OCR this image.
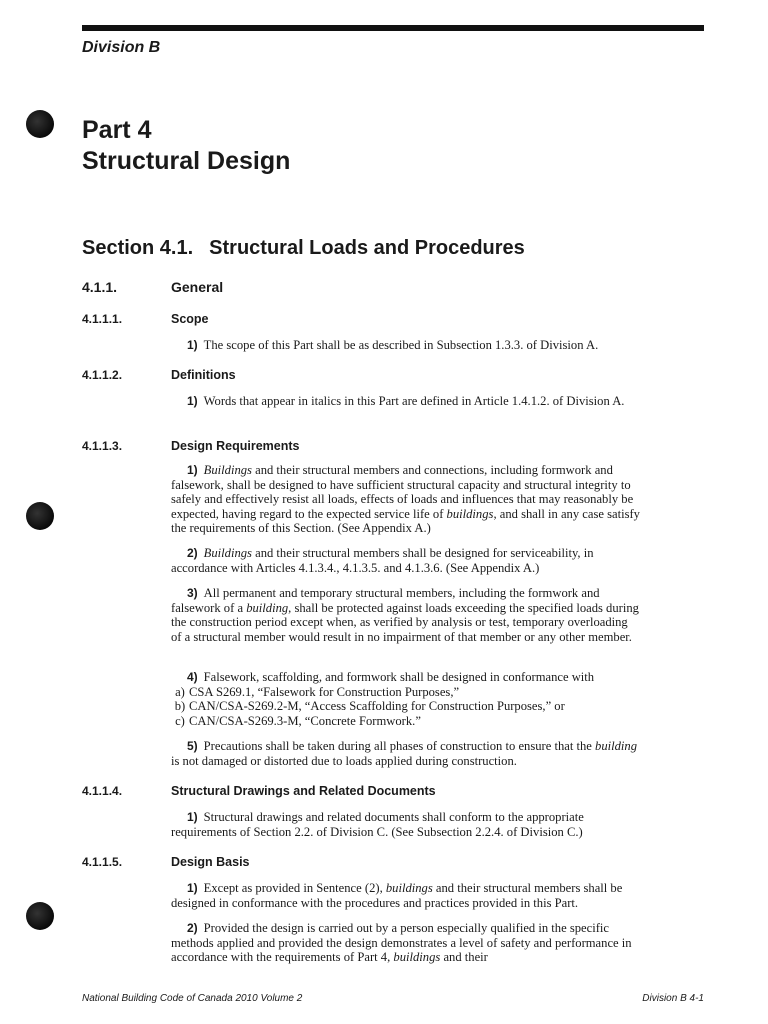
Division B
Part 4
Structural Design
Section 4.1. Structural Loads and Procedures
4.1.1.	General
4.1.1.1.	Scope
1) The scope of this Part shall be as described in Subsection 1.3.3. of Division A.
4.1.1.2.	Definitions
1) Words that appear in italics in this Part are defined in Article 1.4.1.2. of Division A.
4.1.1.3.	Design Requirements
1) Buildings and their structural members and connections, including formwork and falsework, shall be designed to have sufficient structural capacity and structural integrity to safely and effectively resist all loads, effects of loads and influences that may reasonably be expected, having regard to the expected service life of buildings, and shall in any case satisfy the requirements of this Section. (See Appendix A.)
2) Buildings and their structural members shall be designed for serviceability, in accordance with Articles 4.1.3.4., 4.1.3.5. and 4.1.3.6. (See Appendix A.)
3) All permanent and temporary structural members, including the formwork and falsework of a building, shall be protected against loads exceeding the specified loads during the construction period except when, as verified by analysis or test, temporary overloading of a structural member would result in no impairment of that member or any other member.
4) Falsework, scaffolding, and formwork shall be designed in conformance with
a) CSA S269.1, “Falsework for Construction Purposes,”
b) CAN/CSA-S269.2-M, “Access Scaffolding for Construction Purposes,” or
c) CAN/CSA-S269.3-M, “Concrete Formwork.”
5) Precautions shall be taken during all phases of construction to ensure that the building is not damaged or distorted due to loads applied during construction.
4.1.1.4.	Structural Drawings and Related Documents
1) Structural drawings and related documents shall conform to the appropriate requirements of Section 2.2. of Division C. (See Subsection 2.2.4. of Division C.)
4.1.1.5.	Design Basis
1) Except as provided in Sentence (2), buildings and their structural members shall be designed in conformance with the procedures and practices provided in this Part.
2) Provided the design is carried out by a person especially qualified in the specific methods applied and provided the design demonstrates a level of safety and performance in accordance with the requirements of Part 4, buildings and their
National Building Code of Canada 2010 Volume 2	Division B 4-1
